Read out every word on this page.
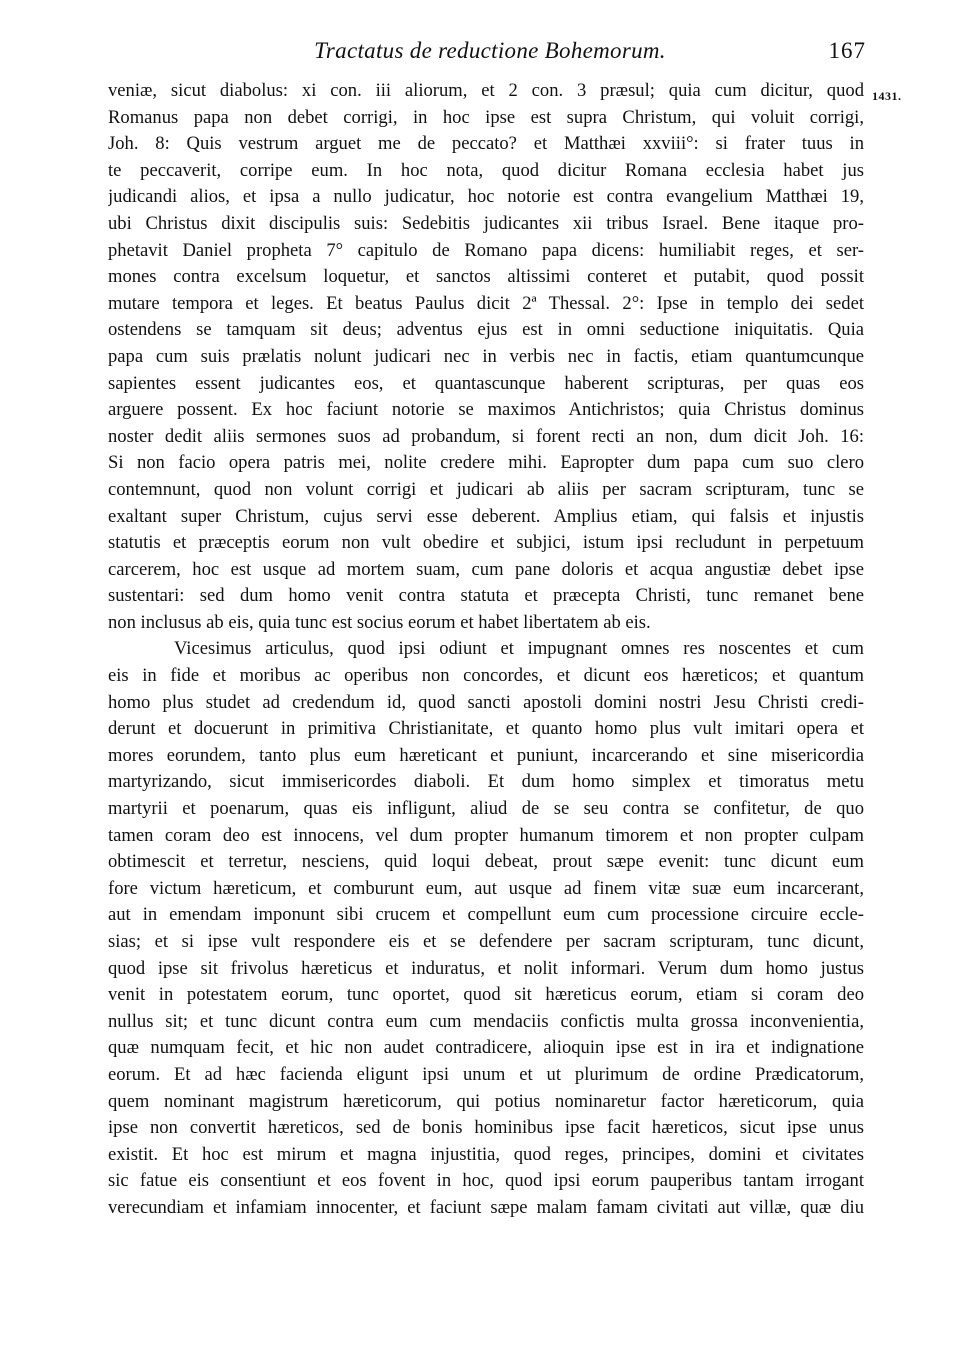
Tractatus de reductione Bohemorum.	167
1431.
veniæ, sicut diabolus: xi con. iii aliorum, et 2 con. 3 præsul; quia cum dicitur, quod
Romanus papa non debet corrigi, in hoc ipse est supra Christum, qui voluit corrigi,
Joh. 8: Quis vestrum arguet me de peccato? et Matthæi xxviii°: si frater tuus in
te peccaverit, corripe eum. In hoc nota, quod dicitur Romana ecclesia habet jus
judicandi alios, et ipsa a nullo judicatur, hoc notorie est contra evangelium Matthæi 19,
ubi Christus dixit discipulis suis: Sedebitis judicantes xii tribus Israel. Bene itaque pro-
phetavit Daniel propheta 7° capitulo de Romano papa dicens: humiliabit reges, et ser-
mones contra excelsum loquetur, et sanctos altissimi conteret et putabit, quod possit
mutare tempora et leges. Et beatus Paulus dicit 2ª Thessal. 2°: Ipse in templo dei sedet
ostendens se tamquam sit deus; adventus ejus est in omni seductione iniquitatis. Quia
papa cum suis prælatis nolunt judicari nec in verbis nec in factis, etiam quantumcunque
sapientes essent judicantes eos, et quantascunque haberent scripturas, per quas eos
arguere possent. Ex hoc faciunt notorie se maximos Antichristos; quia Christus dominus
noster dedit aliis sermones suos ad probandum, si forent recti an non, dum dicit Joh. 16:
Si non facio opera patris mei, nolite credere mihi. Eapropter dum papa cum suo clero
contemnunt, quod non volunt corrigi et judicari ab aliis per sacram scripturam, tunc se
exaltant super Christum, cujus servi esse deberent. Amplius etiam, qui falsis et injustis
statutis et præceptis eorum non vult obedire et subjici, istum ipsi recludunt in perpetuum
carcerem, hoc est usque ad mortem suam, cum pane doloris et acqua angustiæ debet ipse
sustentari: sed dum homo venit contra statuta et præcepta Christi, tunc remanet bene
non inclusus ab eis, quia tunc est socius eorum et habet libertatem ab eis.
Vicesimus articulus, quod ipsi odiunt et impugnant omnes res noscentes et cum
eis in fide et moribus ac operibus non concordes, et dicunt eos hæreticos; et quantum
homo plus studet ad credendum id, quod sancti apostoli domini nostri Jesu Christi credi-
derunt et docuerunt in primitiva Christianitate, et quanto homo plus vult imitari opera et
mores eorundem, tanto plus eum hæreticant et puniunt, incarcerando et sine misericordia
martyrizando, sicut immisericordes diaboli. Et dum homo simplex et timoratus metu
martyrii et poenarum, quas eis infligunt, aliud de se seu contra se confitetur, de quo
tamen coram deo est innocens, vel dum propter humanum timorem et non propter culpam
obtimescit et terretur, nesciens, quid loqui debeat, prout sæpe evenit: tunc dicunt eum
fore victum hæreticum, et comburunt eum, aut usque ad finem vitæ suæ eum incarcerant,
aut in emendam imponunt sibi crucem et compellunt eum cum processione circuire eccle-
sias; et si ipse vult respondere eis et se defendere per sacram scripturam, tunc dicunt,
quod ipse sit frivolus hæreticus et induratus, et nolit informari. Verum dum homo justus
venit in potestatem eorum, tunc oportet, quod sit hæreticus eorum, etiam si coram deo
nullus sit; et tunc dicunt contra eum cum mendaciis confictis multa grossa inconvenientia,
quæ numquam fecit, et hic non audet contradicere, alioquin ipse est in ira et indignatione
eorum. Et ad hæc facienda eligunt ipsi unum et ut plurimum de ordine Prædicatorum,
quem nominant magistrum hæreticorum, qui potius nominaretur factor hæreticorum, quia
ipse non convertit hæreticos, sed de bonis hominibus ipse facit hæreticos, sicut ipse unus
existit. Et hoc est mirum et magna injustitia, quod reges, principes, domini et civitates
sic fatue eis consentiunt et eos fovent in hoc, quod ipsi eorum pauperibus tantam irrogant
verecundiam et infamiam innocenter, et faciunt sæpe malam famam civitati aut villæ, quæ diu
